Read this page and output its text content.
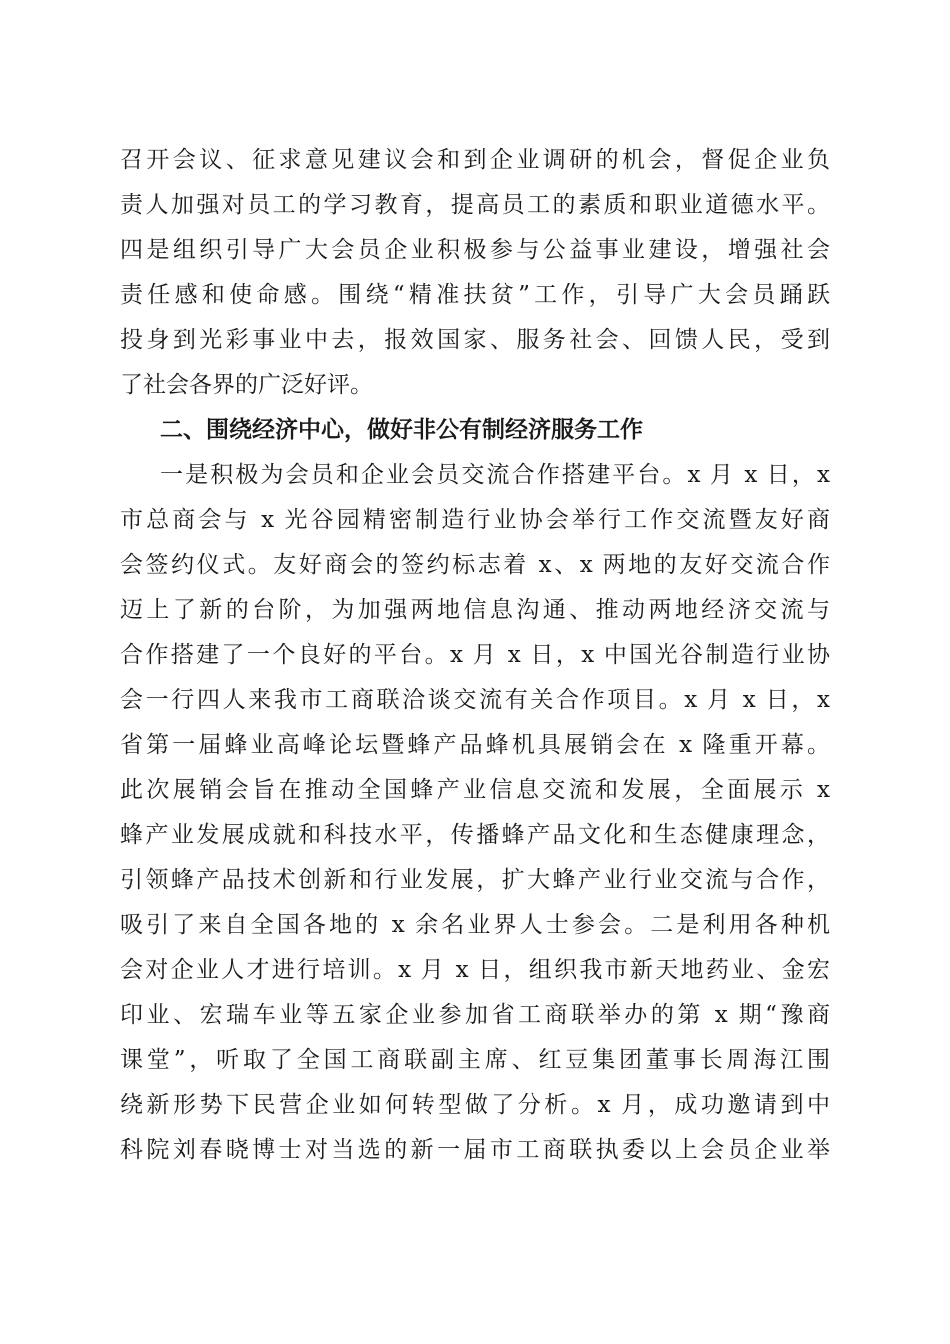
召开会议、征求意见建议会和到企业调研的机会，督促企业负
责人加强对员工的学习教育，提高员工的素质和职业道德水平。
四是组织引导广大会员企业积极参与公益事业建设，增强社会
责任感和使命感。围绕“精准扶贫”工作，引导广大会员踊跃
投身到光彩事业中去，报效国家、服务社会、回馈人民，受到
了社会各界的广泛好评。
二、围绕经济中心，做好非公有制经济服务工作
一是积极为会员和企业会员交流合作搭建平台。x 月 x 日，x
市总商会与 x 光谷园精密制造行业协会举行工作交流暨友好商
会签约仪式。友好商会的签约标志着 x、x 两地的友好交流合作
迈上了新的台阶，为加强两地信息沟通、推动两地经济交流与
合作搭建了一个良好的平台。x 月 x 日，x 中国光谷制造行业协
会一行四人来我市工商联洽谈交流有关合作项目。x 月 x 日，x
省第一届蜂业高峰论坛暨蜂产品蜂机具展销会在 x 隆重开幕。
此次展销会旨在推动全国蜂产业信息交流和发展，全面展示 x
蜂产业发展成就和科技水平，传播蜂产品文化和生态健康理念，
引领蜂产品技术创新和行业发展，扩大蜂产业行业交流与合作，
吸引了来自全国各地的 x 余名业界人士参会。二是利用各种机
会对企业人才进行培训。x 月 x 日，组织我市新天地药业、金宏
印业、宏瑞车业等五家企业参加省工商联举办的第 x 期“豫商
课堂”，听取了全国工商联副主席、红豆集团董事长周海江围
绕新形势下民营企业如何转型做了分析。x 月，成功邀请到中
科院刘春晓博士对当选的新一届市工商联执委以上会员企业举
